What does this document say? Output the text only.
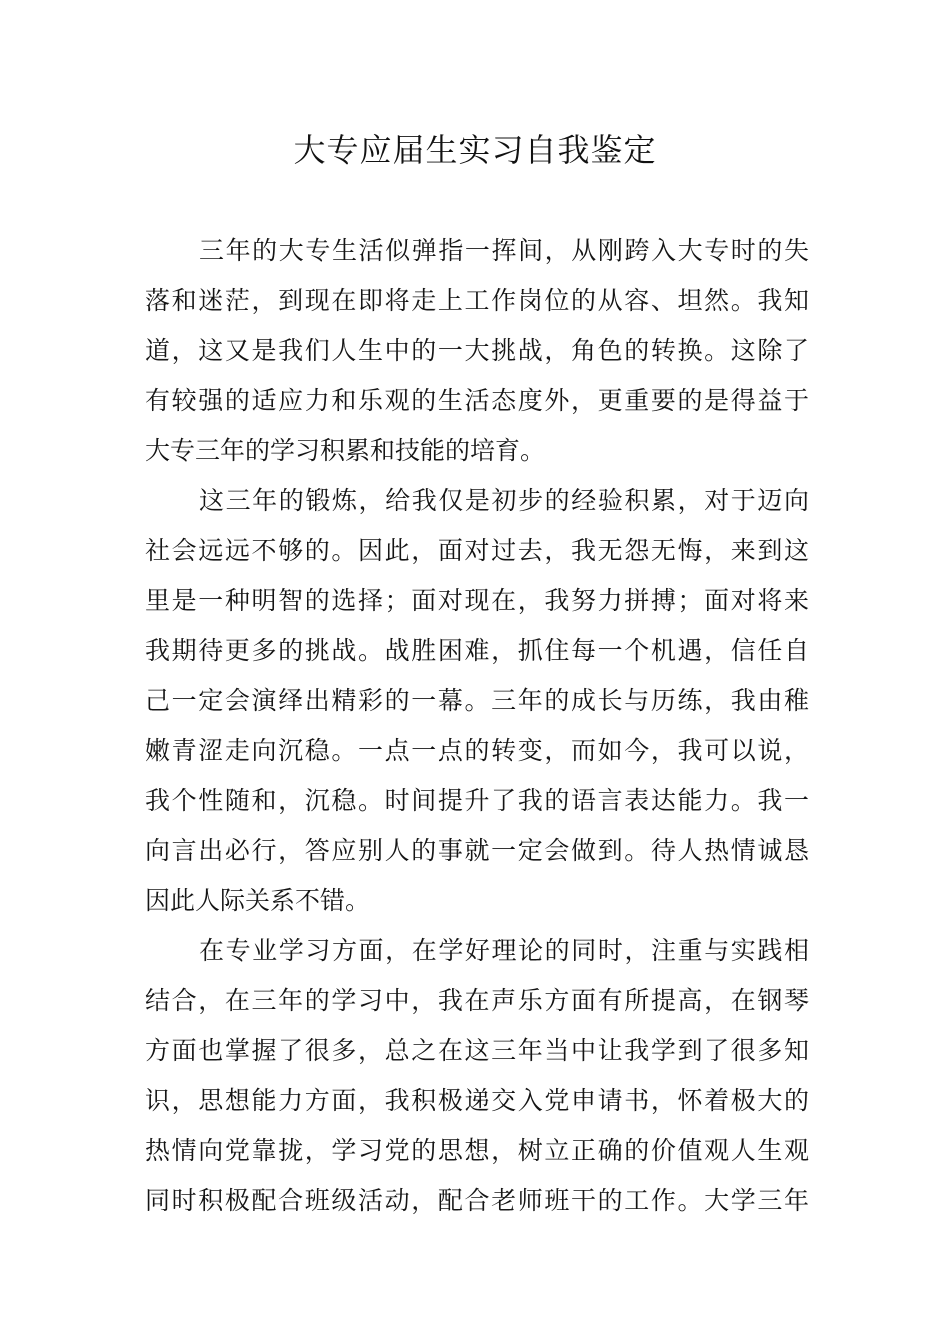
大专应届生实习自我鉴定
三年的大专生活似弹指一挥间，从刚跨入大专时的失
落和迷茫，到现在即将走上工作岗位的从容、坦然。我知
道，这又是我们人生中的一大挑战，角色的转换。这除了
有较强的适应力和乐观的生活态度外，更重要的是得益于
大专三年的学习积累和技能的培育。
这三年的锻炼，给我仅是初步的经验积累，对于迈向
社会远远不够的。因此，面对过去，我无怨无悔，来到这
里是一种明智的选择；面对现在，我努力拼搏；面对将来
我期待更多的挑战。战胜困难，抓住每一个机遇，信任自
己一定会演绎出精彩的一幕。三年的成长与历练，我由稚
嫩青涩走向沉稳。一点一点的转变，而如今，我可以说，
我个性随和，沉稳。时间提升了我的语言表达能力。我一
向言出必行，答应别人的事就一定会做到。待人热情诚恳
因此人际关系不错。
在专业学习方面，在学好理论的同时，注重与实践相
结合，在三年的学习中，我在声乐方面有所提高，在钢琴
方面也掌握了很多，总之在这三年当中让我学到了很多知
识，思想能力方面，我积极递交入党申请书，怀着极大的
热情向党靠拢，学习党的思想，树立正确的价值观人生观
同时积极配合班级活动，配合老师班干的工作。大学三年
